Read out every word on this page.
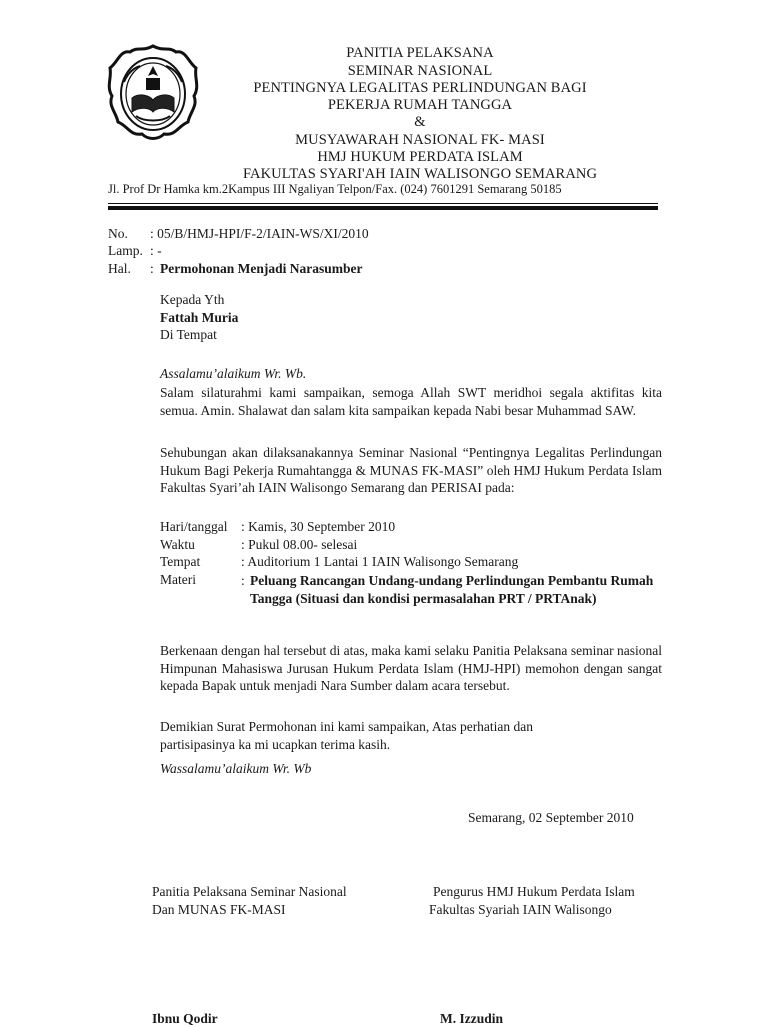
PANITIA PELAKSANA
SEMINAR NASIONAL
PENTINGNYA LEGALITAS PERLINDUNGAN BAGI
PEKERJA RUMAH TANGGA
&
MUSYAWARAH NASIONAL FK- MASI
HMJ HUKUM PERDATA ISLAM
FAKULTAS SYARI'AH IAIN WALISONGO SEMARANG
Jl. Prof Dr Hamka km.2Kampus III Ngaliyan Telpon/Fax. (024) 7601291 Semarang 50185
No. : 05/B/HMJ-HPI/F-2/IAIN-WS/XI/2010
Lamp. : -
Hal. : Permohonan Menjadi Narasumber
Kepada Yth
Fattah Muria
Di Tempat
Assalamu’alaikum Wr. Wb.
Salam silaturahmi kami sampaikan, semoga Allah SWT meridhoi segala aktifitas kita semua. Amin. Shalawat dan salam kita sampaikan kepada Nabi besar Muhammad SAW.
Sehubungan akan dilaksanakannya Seminar Nasional “Pentingnya Legalitas Perlindungan Hukum Bagi Pekerja Rumahtangga & MUNAS FK-MASI” oleh HMJ Hukum Perdata Islam Fakultas Syari’ah IAIN Walisongo Semarang dan PERISAI pada:
Hari/tanggal : Kamis, 30 September 2010
Waktu	: Pukul 08.00- selesai
Tempat	: Auditorium 1 Lantai 1 IAIN Walisongo Semarang
Materi	: Peluang Rancangan Undang-undang Perlindungan Pembantu Rumah Tangga (Situasi dan kondisi permasalahan PRT / PRTAnak)
Berkenaan dengan hal tersebut di atas, maka kami selaku Panitia Pelaksana seminar nasional Himpunan Mahasiswa Jurusan Hukum Perdata Islam (HMJ-HPI) memohon dengan sangat kepada Bapak untuk menjadi Nara Sumber dalam acara tersebut.
Demikian Surat Permohonan ini kami sampaikan, Atas perhatian dan partisipasinya ka mi ucapkan terima kasih.
Wassalamu’alaikum Wr. Wb
Semarang, 02 September 2010
Panitia Pelaksana Seminar Nasional
Dan MUNAS FK-MASI
Pengurus HMJ Hukum Perdata Islam
Fakultas Syariah IAIN Walisongo
Ibnu Qodir	M. Izzudin
